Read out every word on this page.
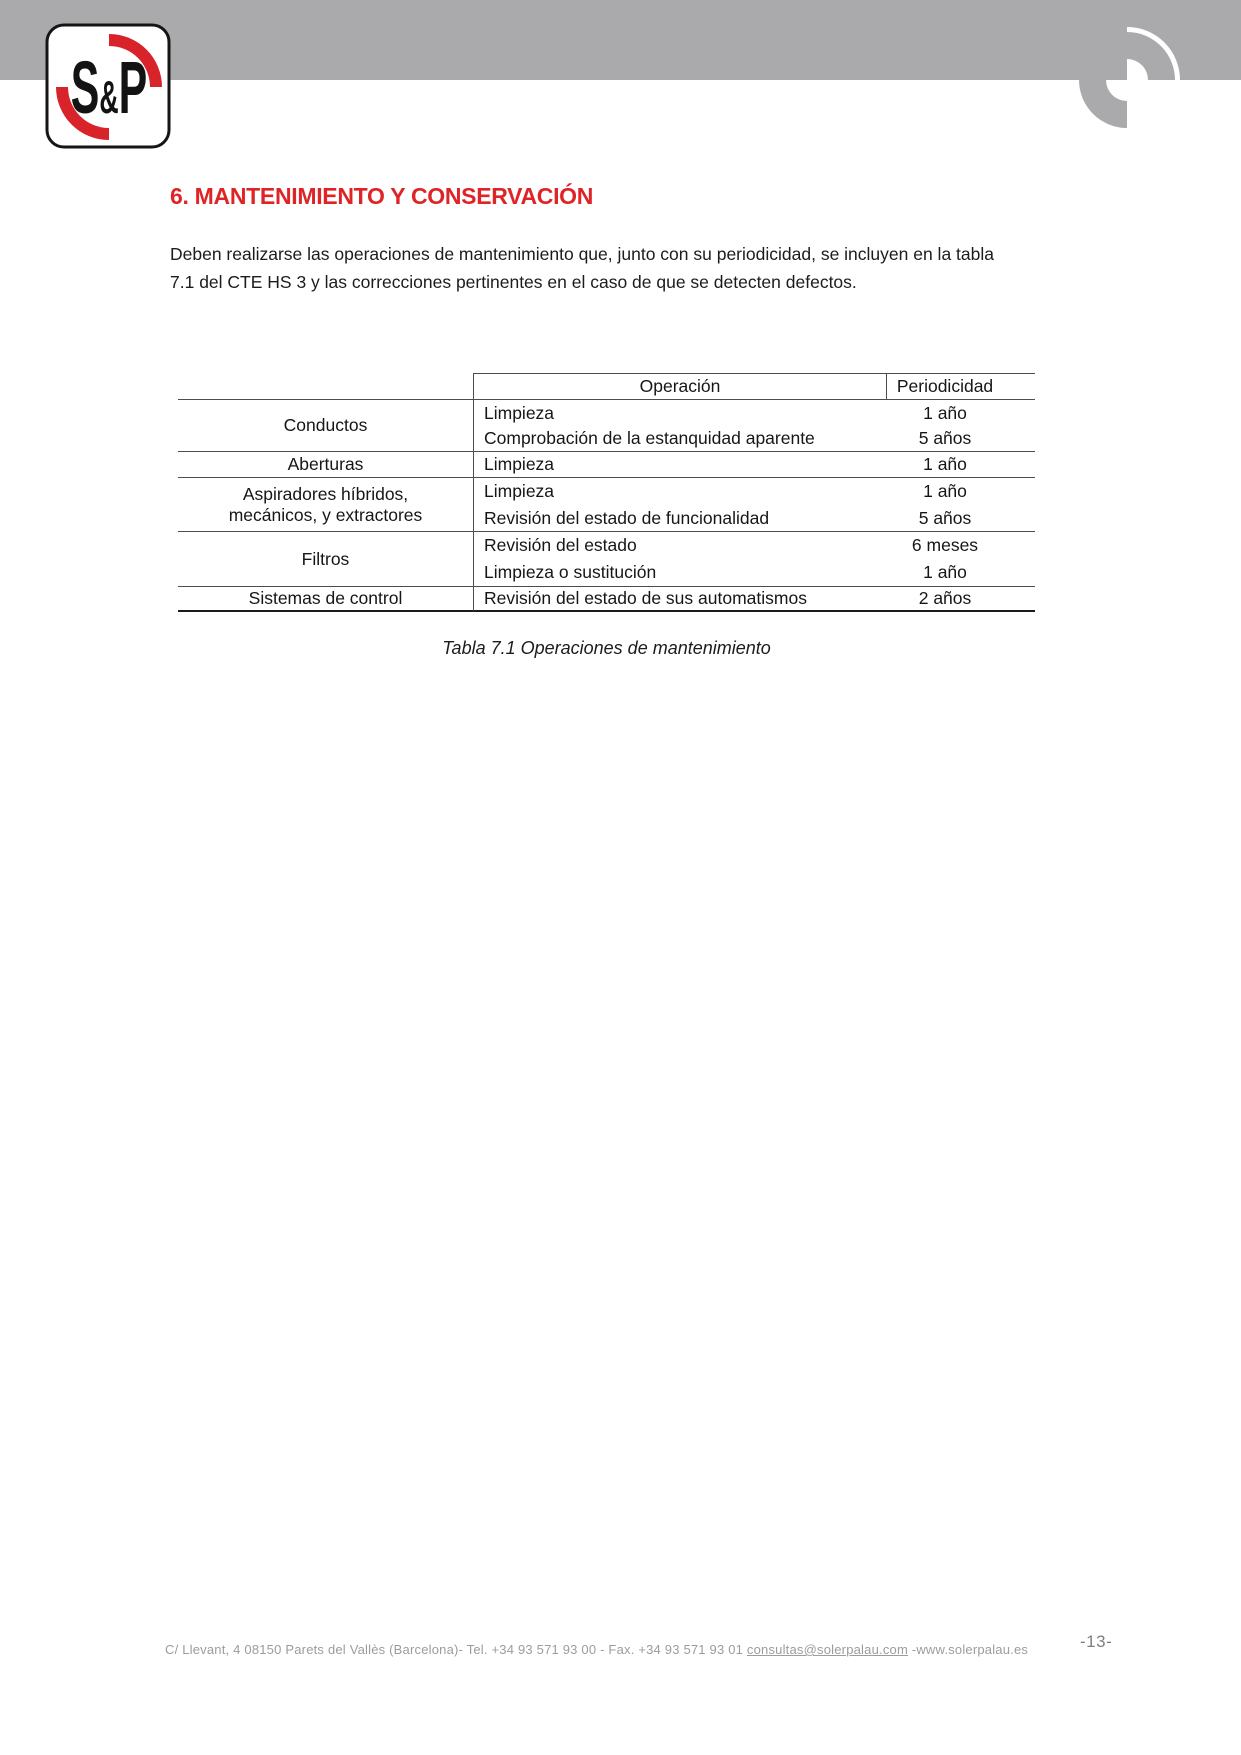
S&P
6. MANTENIMIENTO Y CONSERVACIÓN
Deben realizarse las operaciones de mantenimiento que, junto con su periodicidad, se incluyen en la tabla
7.1 del CTE HS 3 y las correcciones pertinentes en el caso de que se detecten defectos.
Operación	Periodicidad
Conductos
Limpieza	1 año
Comprobación de la estanquidad aparente	5 años
Aberturas	Limpieza	1 año
Aspiradores híbridos,
mecánicos, y extractores
Limpieza	1 año
Revisión del estado de funcionalidad	5 años
Filtros
Revisión del estado	6 meses
Limpieza o sustitución	1 año
Sistemas de control	Revisión del estado de sus automatismos	2 años
Tabla 7.1 Operaciones de mantenimiento
C/ Llevant, 4 08150 Parets del Vallès (Barcelona)- Tel. +34 93 571 93 00 - Fax. +34 93 571 93 01 consultas@solerpalau.com -www.solerpalau.es	-13-
